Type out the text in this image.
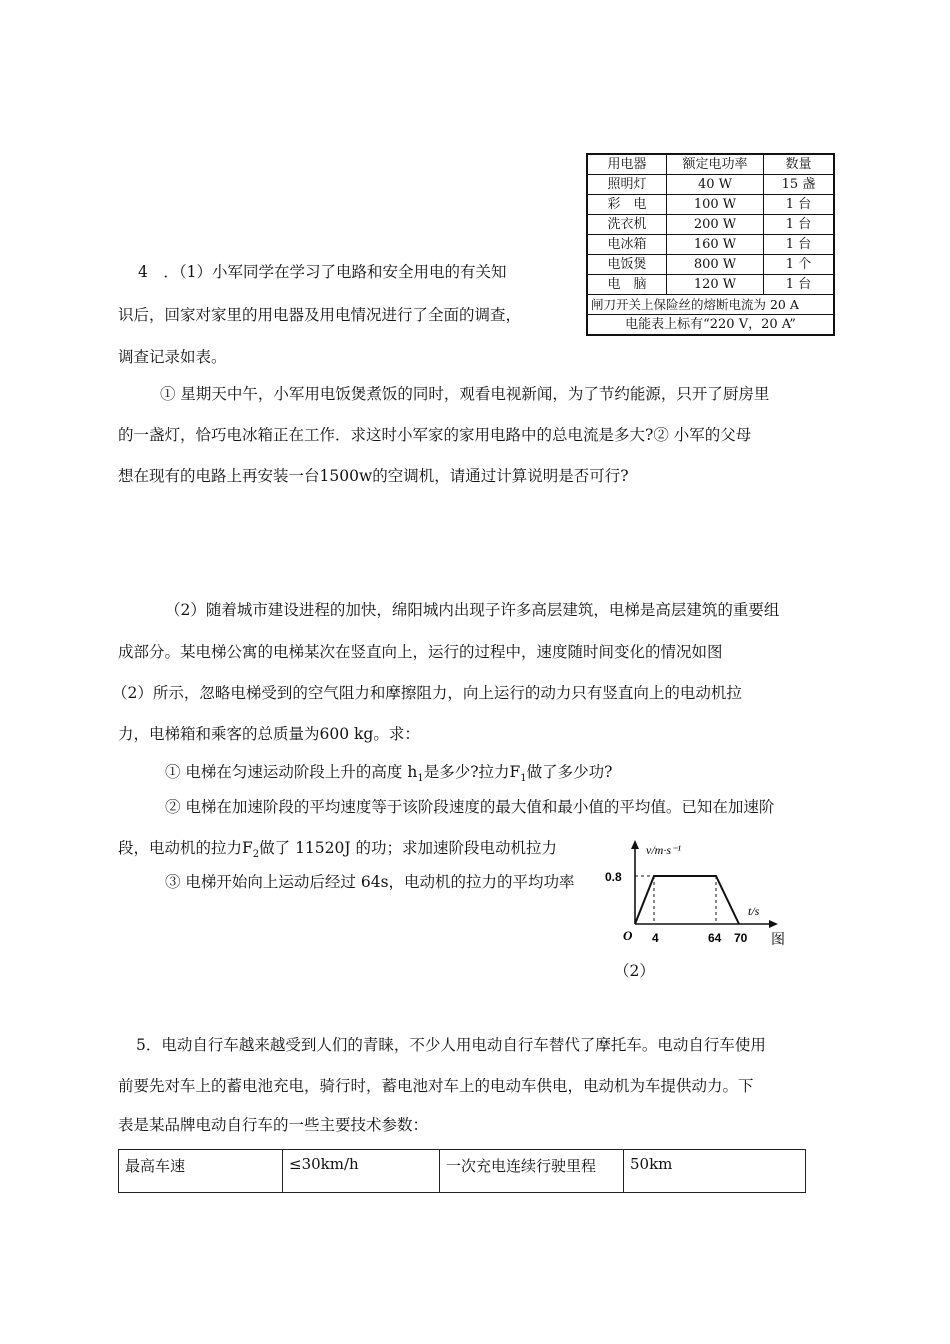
4　．（1）小军同学在学习了电路和安全用电的有关知
识后，回家对家里的用电器及用电情况进行了全面的调查，
调查记录如表。
用电器	额定电功率	数量
照明灯	40 W	15 盏
彩　电	100 W	1 台
洗衣机	200 W	1 台
电冰箱	160 W	1 台
电饭煲	800 W	1 个
电　脑	120 W	1 台
闸刀开关上保险丝的熔断电流为 20 A		
电能表上标有“220 V，20 A”		
① 星期天中午，小军用电饭煲煮饭的同时，观看电视新闻，为了节约能源，只开了厨房里
的一盏灯，恰巧电冰箱正在工作．求这时小军家的家用电路中的总电流是多大?② 小军的父母
想在现有的电路上再安装一台1500w的空调机，请通过计算说明是否可行?
（2）随着城市建设进程的加快，绵阳城内出现子许多高层建筑，电梯是高层建筑的重要组
成部分。某电梯公寓的电梯某次在竖直向上，运行的过程中，速度随时间变化的情况如图
（2）所示，忽略电梯受到的空气阻力和摩擦阻力，向上运行的动力只有竖直向上的电动机拉
力，电梯箱和乘客的总质量为600 kg。求：
① 电梯在匀速运动阶段上升的高度 $h_1$是多少?拉力$F_1$做了多少功?
② 电梯在加速阶段的平均速度等于该阶段速度的最大值和最小值的平均值。已知在加速阶
段，电动机的拉力$F_2$做了 11520J 的功；求加速阶段电动机拉力
③ 电梯开始向上运动后经过 64s，电动机的拉力的平均功率
v/m·s⁻¹
t/s
0.8
O 4	64 70 图
（2）
5．电动自行车越来越受到人们的青睐，不少人用电动自行车替代了摩托车。电动自行车使用
前要先对车上的蓄电池充电，骑行时，蓄电池对车上的电动车供电，电动机为车提供动力。下
表是某品牌电动自行车的一些主要技术参数：
最高车速	≤30km/h	一次充电连续行驶里程	50km
